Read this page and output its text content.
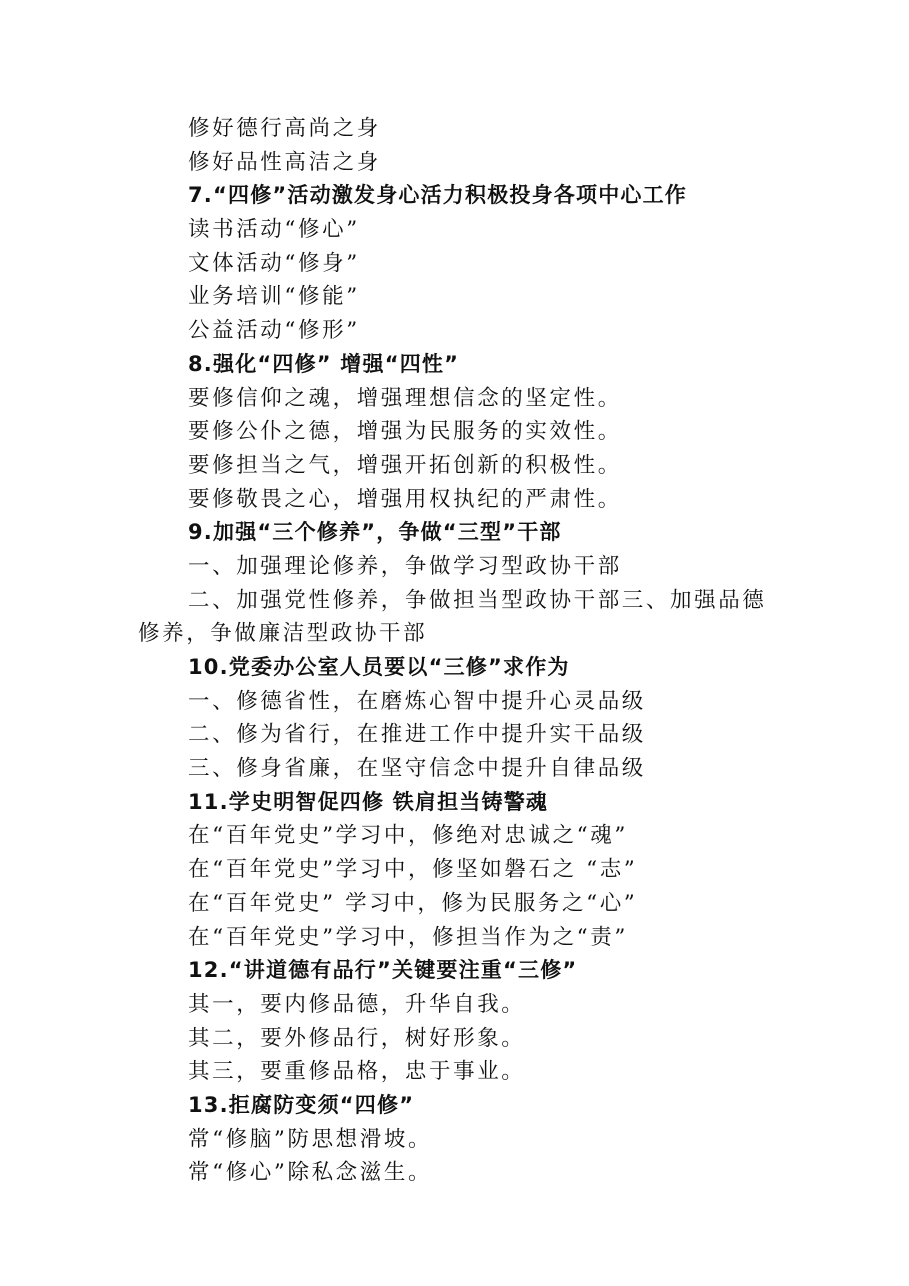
修好德行高尚之身
修好品性高洁之身
7.“四修”活动激发身心活力积极投身各项中心工作
读书活动“修心”
文体活动“修身”
业务培训“修能”
公益活动“修形”
8.强化“四修” 增强“四性”
要修信仰之魂，增强理想信念的坚定性。
要修公仆之德，增强为民服务的实效性。
要修担当之气，增强开拓创新的积极性。
要修敬畏之心，增强用权执纪的严肃性。
9.加强“三个修养”，争做“三型”干部
一、加强理论修养，争做学习型政协干部
二、加强党性修养，争做担当型政协干部三、加强品德修养，争做廉洁型政协干部
10.党委办公室人员要以“三修”求作为
一、修德省性，在磨炼心智中提升心灵品级
二、修为省行，在推进工作中提升实干品级
三、修身省廉，在坚守信念中提升自律品级
11.学史明智促四修 铁肩担当铸警魂
在“百年党史”学习中，修绝对忠诚之“魂”
在“百年党史”学习中，修坚如磐石之 “志”
在“百年党史” 学习中，修为民服务之“心”
在“百年党史”学习中，修担当作为之“责”
12.“讲道德有品行”关键要注重“三修”
其一，要内修品德，升华自我。
其二，要外修品行，树好形象。
其三，要重修品格，忠于事业。
13.拒腐防变须“四修”
常“修脑”防思想滑坡。
常“修心”除私念滋生。
